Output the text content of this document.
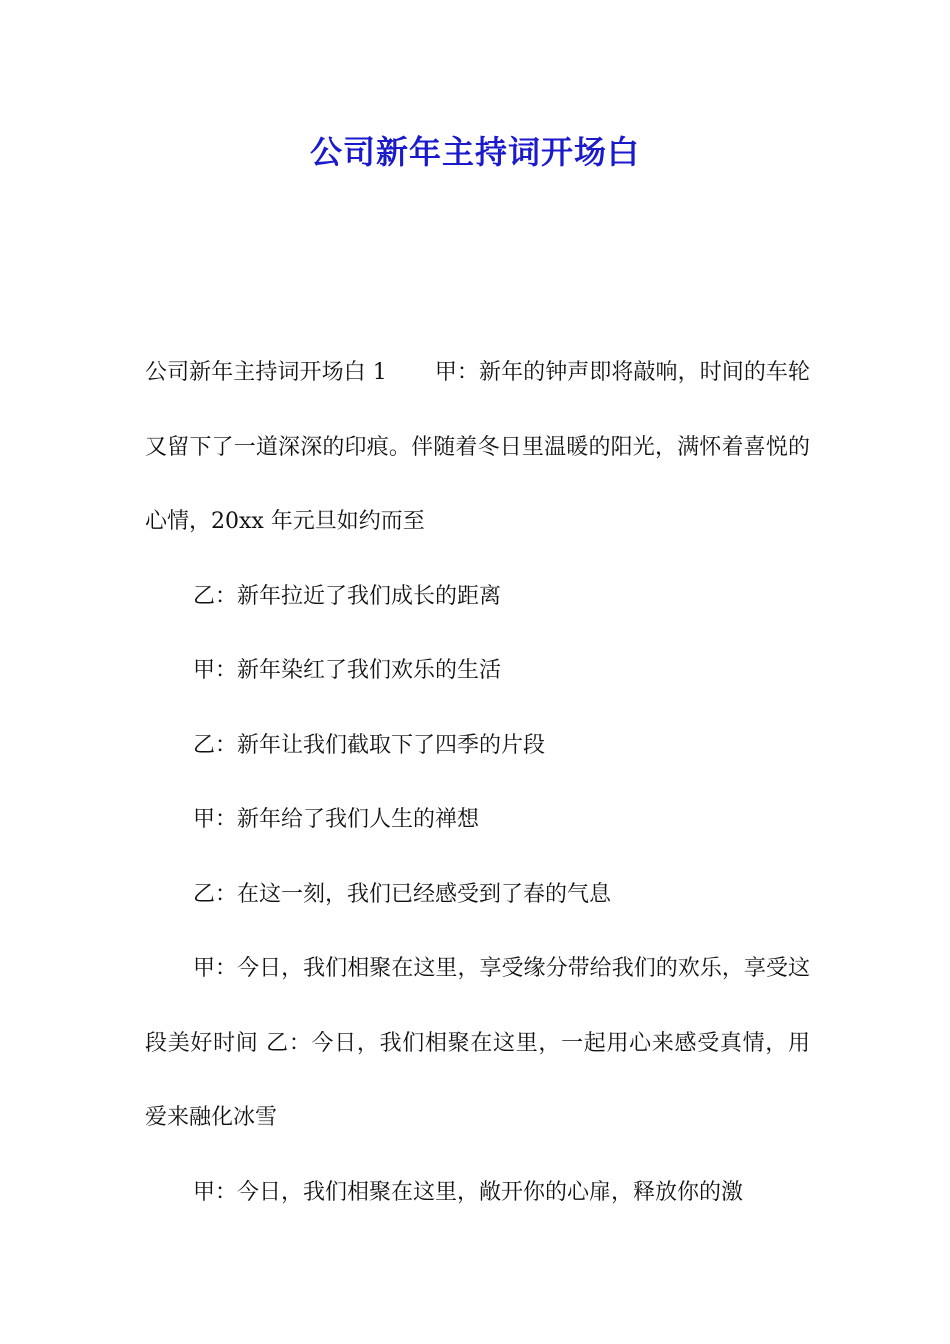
公司新年主持词开场白

公司新年主持词开场白 1 甲：新年的钟声即将敲响，时间的车轮又留下了一道深深的印痕。伴随着冬日里温暖的阳光，满怀着喜悦的心情，20xx 年元旦如约而至

乙：新年拉近了我们成长的距离

甲：新年染红了我们欢乐的生活

乙：新年让我们截取下了四季的片段

甲：新年给了我们人生的禅想

乙：在这一刻，我们已经感受到了春的气息

甲：今日，我们相聚在这里，享受缘分带给我们的欢乐，享受这段美好时间 乙：今日，我们相聚在这里，一起用心来感受真情，用爱来融化冰雪

甲：今日，我们相聚在这里，敞开你的心扉，释放你的激
